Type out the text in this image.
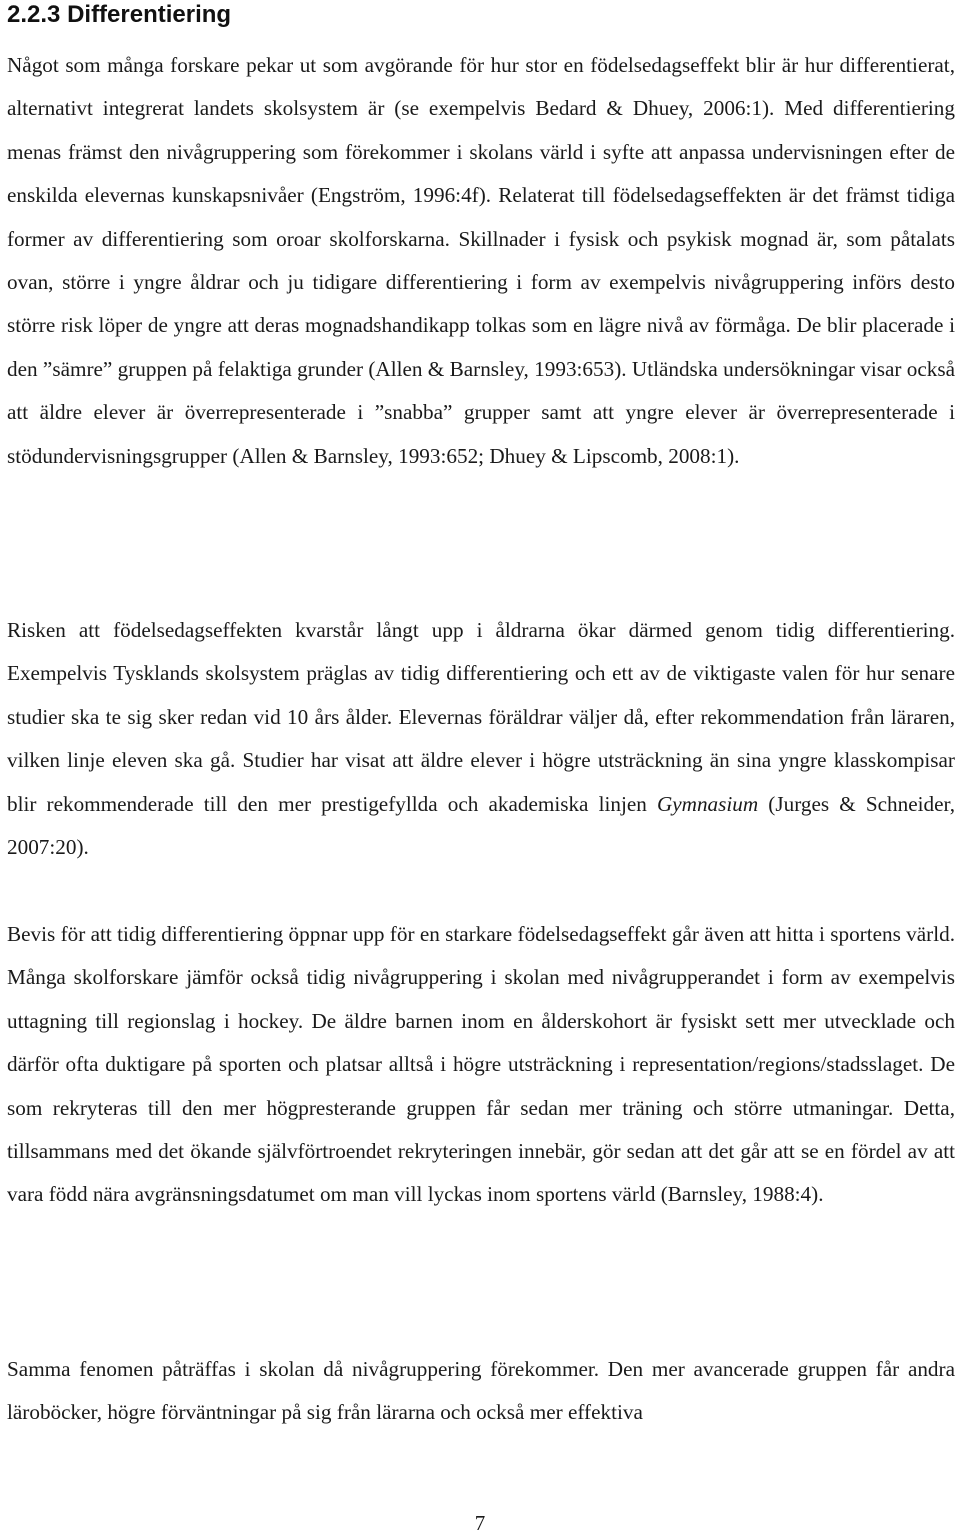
2.2.3 Differentiering

Något som många forskare pekar ut som avgörande för hur stor en födelsedagseffekt blir är hur differentierat, alternativt integrerat landets skolsystem är (se exempelvis Bedard & Dhuey, 2006:1). Med differentiering menas främst den nivågruppering som förekommer i skolans värld i syfte att anpassa undervisningen efter de enskilda elevernas kunskapsnivåer (Engström, 1996:4f). Relaterat till födelsedagseffekten är det främst tidiga former av differentiering som oroar skolforskarna. Skillnader i fysisk och psykisk mognad är, som påtalats ovan, större i yngre åldrar och ju tidigare differentiering i form av exempelvis nivågruppering införs desto större risk löper de yngre att deras mognadshandikapp tolkas som en lägre nivå av förmåga. De blir placerade i den ”sämre” gruppen på felaktiga grunder (Allen & Barnsley, 1993:653). Utländska undersökningar visar också att äldre elever är överrepresenterade i ”snabba” grupper samt att yngre elever är överrepresenterade i stödundervisningsgrupper (Allen & Barnsley, 1993:652; Dhuey & Lipscomb, 2008:1).

Risken att födelsedagseffekten kvarstår långt upp i åldrarna ökar därmed genom tidig differentiering. Exempelvis Tysklands skolsystem präglas av tidig differentiering och ett av de viktigaste valen för hur senare studier ska te sig sker redan vid 10 års ålder. Elevernas föräldrar väljer då, efter rekommendation från läraren, vilken linje eleven ska gå. Studier har visat att äldre elever i högre utsträckning än sina yngre klasskompisar blir rekommenderade till den mer prestigefyllda och akademiska linjen Gymnasium (Jurges & Schneider, 2007:20).

Bevis för att tidig differentiering öppnar upp för en starkare födelsedagseffekt går även att hitta i sportens värld. Många skolforskare jämför också tidig nivågruppering i skolan med nivågrupperandet i form av exempelvis uttagning till regionslag i hockey. De äldre barnen inom en ålderskohort är fysiskt sett mer utvecklade och därför ofta duktigare på sporten och platsar alltså i högre utsträckning i representation/regions/stadsslaget. De som rekryteras till den mer högpresterande gruppen får sedan mer träning och större utmaningar. Detta, tillsammans med det ökande självförtroendet rekryteringen innebär, gör sedan att det går att se en fördel av att vara född nära avgränsningsdatumet om man vill lyckas inom sportens värld (Barnsley, 1988:4).

Samma fenomen påträffas i skolan då nivågruppering förekommer. Den mer avancerade gruppen får andra läroböcker, högre förväntningar på sig från lärarna och också mer effektiva

7
